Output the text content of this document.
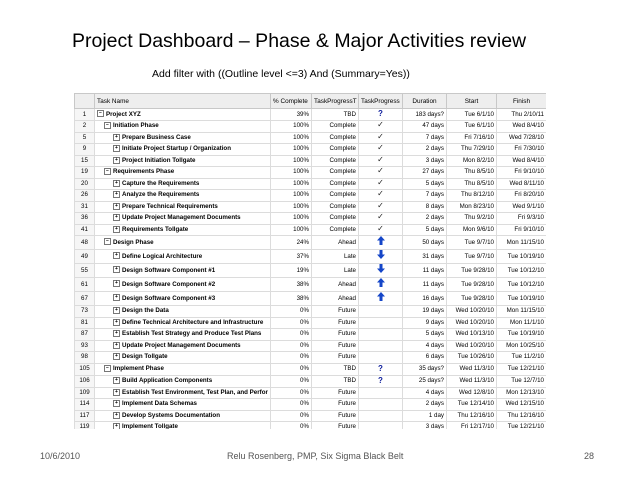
Project Dashboard – Phase & Major Activities review
Add filter with ((Outline level <=3) And (Summary=Yes))
	Task Name	% Complete	TaskProgressT	TaskProgress	Duration	Start	Finish
1	− Project XYZ	39%	TBD	?	183 days?	Tue 6/1/10	Thu 2/10/11
2	− Initiation Phase	100%	Complete	✓	47 days	Tue 6/1/10	Wed 8/4/10
5	+ Prepare Business Case	100%	Complete	✓	7 days	Fri 7/16/10	Wed 7/28/10
9	+ Initiate Project Startup / Organization	100%	Complete	✓	2 days	Thu 7/29/10	Fri 7/30/10
15	+ Project Initiation Tollgate	100%	Complete	✓	3 days	Mon 8/2/10	Wed 8/4/10
19	− Requirements Phase	100%	Complete	✓	27 days	Thu 8/5/10	Fri 9/10/10
20	+ Capture the Requirements	100%	Complete	✓	5 days	Thu 8/5/10	Wed 8/11/10
26	+ Analyze the Requirements	100%	Complete	✓	7 days	Thu 8/12/10	Fri 8/20/10
31	+ Prepare Technical Requirements	100%	Complete	✓	8 days	Mon 8/23/10	Wed 9/1/10
36	+ Update Project Management Documents	100%	Complete	✓	2 days	Thu 9/2/10	Fri 9/3/10
41	+ Requirements Tollgate	100%	Complete	✓	5 days	Mon 9/6/10	Fri 9/10/10
48	− Design Phase	24%	Ahead		50 days	Tue 9/7/10	Mon 11/15/10
49	+ Define Logical Architecture	37%	Late		31 days	Tue 9/7/10	Tue 10/19/10
55	+ Design Software Component #1	19%	Late		11 days	Tue 9/28/10	Tue 10/12/10
61	+ Design Software Component #2	38%	Ahead		11 days	Tue 9/28/10	Tue 10/12/10
67	+ Design Software Component #3	38%	Ahead		16 days	Tue 9/28/10	Tue 10/19/10
73	+ Design the Data	0%	Future		19 days	Wed 10/20/10	Mon 11/15/10
81	+ Define Technical Architecture and Infrastructure	0%	Future		9 days	Wed 10/20/10	Mon 11/1/10
87	+ Establish Test Strategy and Produce Test Plans	0%	Future		5 days	Wed 10/13/10	Tue 10/19/10
93	+ Update Project Management Documents	0%	Future		4 days	Wed 10/20/10	Mon 10/25/10
98	+ Design Tollgate	0%	Future		6 days	Tue 10/26/10	Tue 11/2/10
105	− Implement Phase	0%	TBD	?	35 days?	Wed 11/3/10	Tue 12/21/10
106	+ Build Application Components	0%	TBD	?	25 days?	Wed 11/3/10	Tue 12/7/10
109	+ Establish Test Environment, Test Plan, and Perfor	0%	Future		4 days	Wed 12/8/10	Mon 12/13/10
114	+ Implement Data Schemas	0%	Future		2 days	Tue 12/14/10	Wed 12/15/10
117	+ Develop Systems Documentation	0%	Future		1 day	Thu 12/16/10	Thu 12/16/10
119	+ Implement Tollgate	0%	Future		3 days	Fri 12/17/10	Tue 12/21/10
10/6/2010	Relu Rosenberg, PMP, Six Sigma Black Belt	28
